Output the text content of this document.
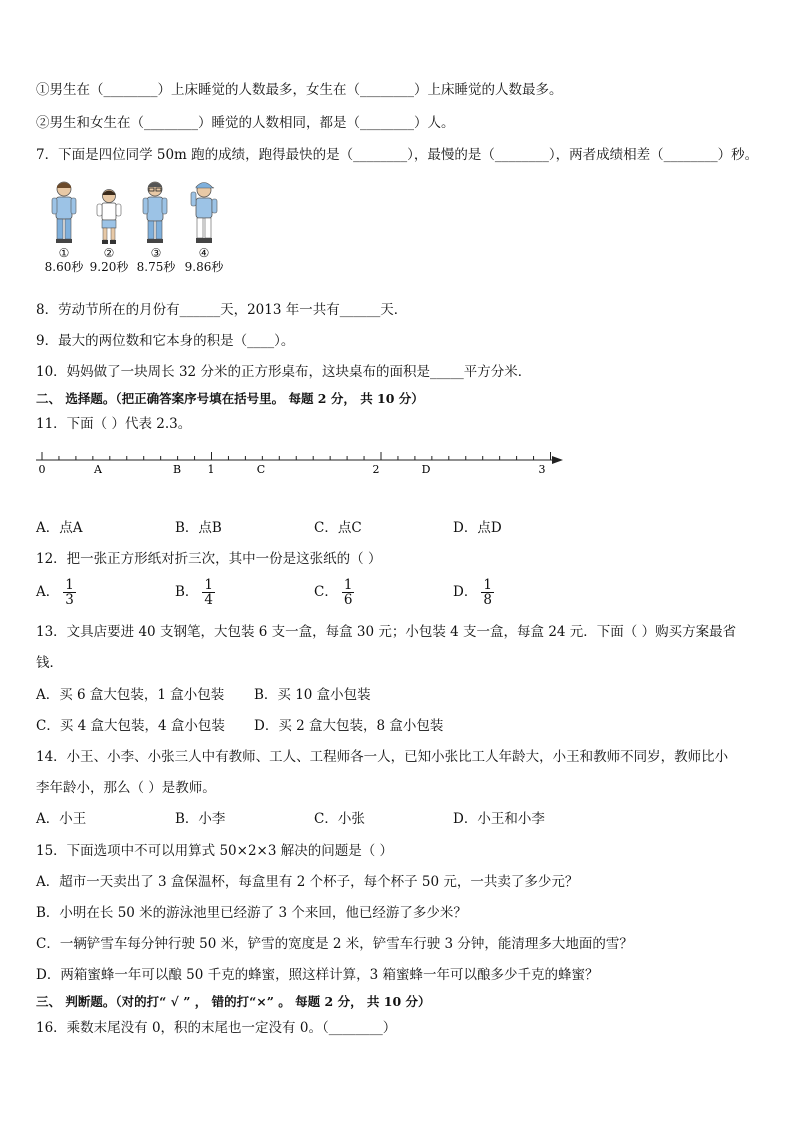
①男生在（________）上床睡觉的人数最多，女生在（________）上床睡觉的人数最多。
②男生和女生在（________）睡觉的人数相同，都是（________）人。
7．下面是四位同学 50m 跑的成绩，跑得最快的是（________），最慢的是（________），两者成绩相差（________）秒。
①
8.60秒
②
9.20秒
③
8.75秒
④
9.86秒
8．劳动节所在的月份有______天，2013 年一共有______天．
9．最大的两位数和它本身的积是（____）。
10．妈妈做了一块周长 32 分米的正方形桌布，这块桌布的面积是_____平方分米．
二、 选择题。（把正确答案序号填在括号里。 每题 2 分， 共 10 分）
11．下面（ ）代表 2.3。
0	A	B 1	C	2	D	3
A．点A	B．点B	C．点C	D．点D
12．把一张正方形纸对折三次，其中一份是这张纸的（ ）
A． $\frac{1}{3}$	B． $\frac{1}{4}$	C． $\frac{1}{6}$	D． $\frac{1}{8}$
13．文具店要进 40 支钢笔，大包装 6 支一盒，每盒 30 元；小包装 4 支一盒，每盒 24 元．下面（ ）购买方案最省
钱．
A．买 6 盒大包装，1 盒小包装 B．买 10 盒小包装
C．买 4 盒大包装，4 盒小包装 D．买 2 盒大包装，8 盒小包装
14．小王、小李、小张三人中有教师、工人、工程师各一人，已知小张比工人年龄大，小王和教师不同岁，教师比小
李年龄小，那么（ ）是教师。
A．小王	B．小李	C．小张	D．小王和小李
15．下面选项中不可以用算式 50×2×3 解决的问题是（ ）
A．超市一天卖出了 3 盒保温杯，每盒里有 2 个杯子，每个杯子 50 元，一共卖了多少元？
B．小明在长 50 米的游泳池里已经游了 3 个来回，他已经游了多少米？
C．一辆铲雪车每分钟行驶 50 米，铲雪的宽度是 2 米，铲雪车行驶 3 分钟，能清理多大地面的雪？
D．两箱蜜蜂一年可以酿 50 千克的蜂蜜，照这样计算，3 箱蜜蜂一年可以酿多少千克的蜂蜜？
三、 判断题。（对的打“ √ ” ， 错的打“×” 。 每题 2 分， 共 10 分）
16．乘数末尾没有 0，积的末尾也一定没有 0。（________）
